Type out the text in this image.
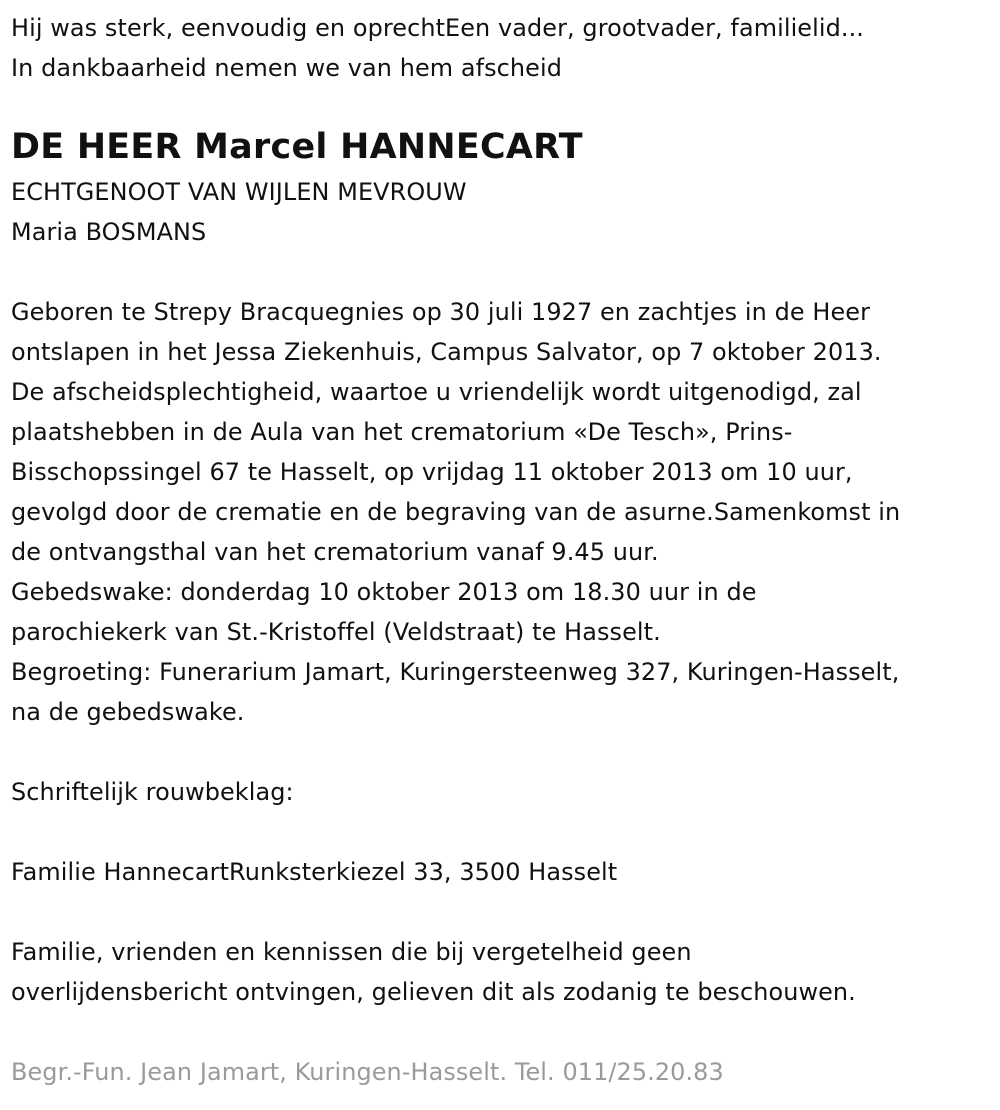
Hij was sterk, eenvoudig en oprechtEen vader, grootvader, familielid...
In dankbaarheid nemen we van hem afscheid
DE HEER Marcel HANNECART
ECHTGENOOT VAN WIJLEN MEVROUW
Maria BOSMANS
Geboren te Strepy Bracquegnies op 30 juli 1927 en zachtjes in de Heer
ontslapen in het Jessa Ziekenhuis, Campus Salvator, op 7 oktober 2013.
De afscheidsplechtigheid, waartoe u vriendelijk wordt uitgenodigd, zal
plaatshebben in de Aula van het crematorium «De Tesch», Prins-
Bisschopssingel 67 te Hasselt, op vrijdag 11 oktober 2013 om 10 uur,
gevolgd door de crematie en de begraving van de asurne.Samenkomst in
de ontvangsthal van het crematorium vanaf 9.45 uur.
Gebedswake: donderdag 10 oktober 2013 om 18.30 uur in de
parochiekerk van St.-Kristoffel (Veldstraat) te Hasselt.
Begroeting: Funerarium Jamart, Kuringersteenweg 327, Kuringen-Hasselt,
na de gebedswake.
Schriftelijk rouwbeklag:
Familie HannecartRunksterkiezel 33, 3500 Hasselt
Familie, vrienden en kennissen die bij vergetelheid geen
overlijdensbericht ontvingen, gelieven dit als zodanig te beschouwen.
Begr.-Fun. Jean Jamart, Kuringen-Hasselt. Tel. 011/25.20.83
